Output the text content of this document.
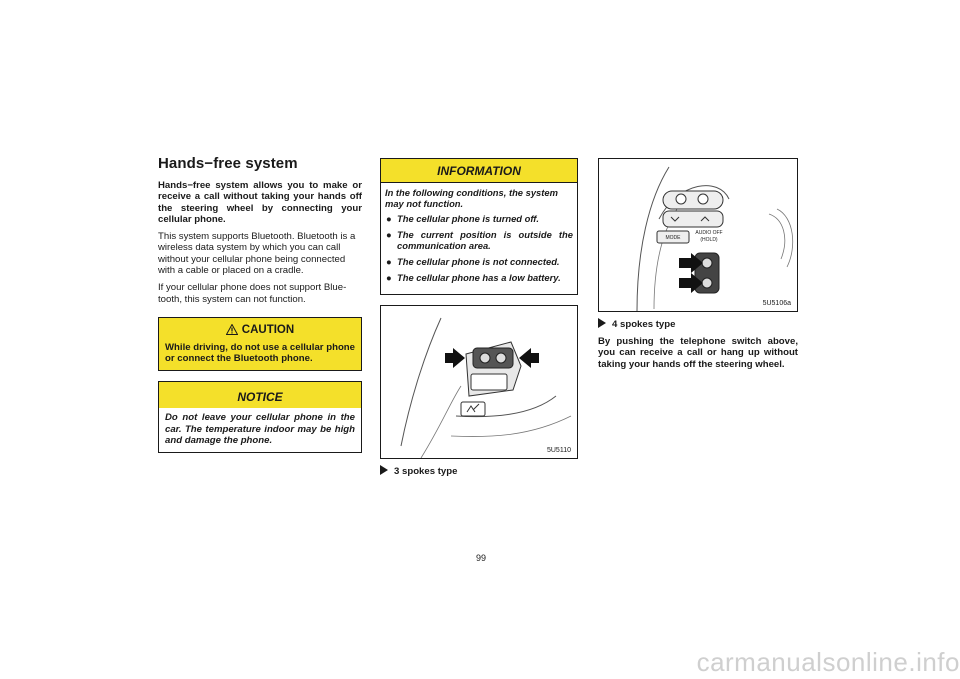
Hands−free system

Hands−free system allows you to make or receive a call without taking your hands off the steering wheel by connecting your cellular phone.

This system supports Bluetooth. Bluetooth is a wireless data system by which you can call without your cellular phone being connected with a cable or placed on a cradle.

If your cellular phone does not support Blue-tooth, this system can not function.

CAUTION
While driving, do not use a cellular phone or connect the Bluetooth phone.
NOTICE
Do not leave your cellular phone in the car. The temperature indoor may be high and damage the phone.
INFORMATION

In the following conditions, the system may not function.

● The cellular phone is turned off.
● The current position is outside the communication area.
● The cellular phone is not connected.
● The cellular phone has a low battery.
5U5110
3 spokes type
MODE
AUDIO OFF
(HOLD)
5U5106a
4 spokes type

By pushing the telephone switch above, you can receive a call or hang up without taking your hands off the steering wheel.

99
carmanualsonline.info
